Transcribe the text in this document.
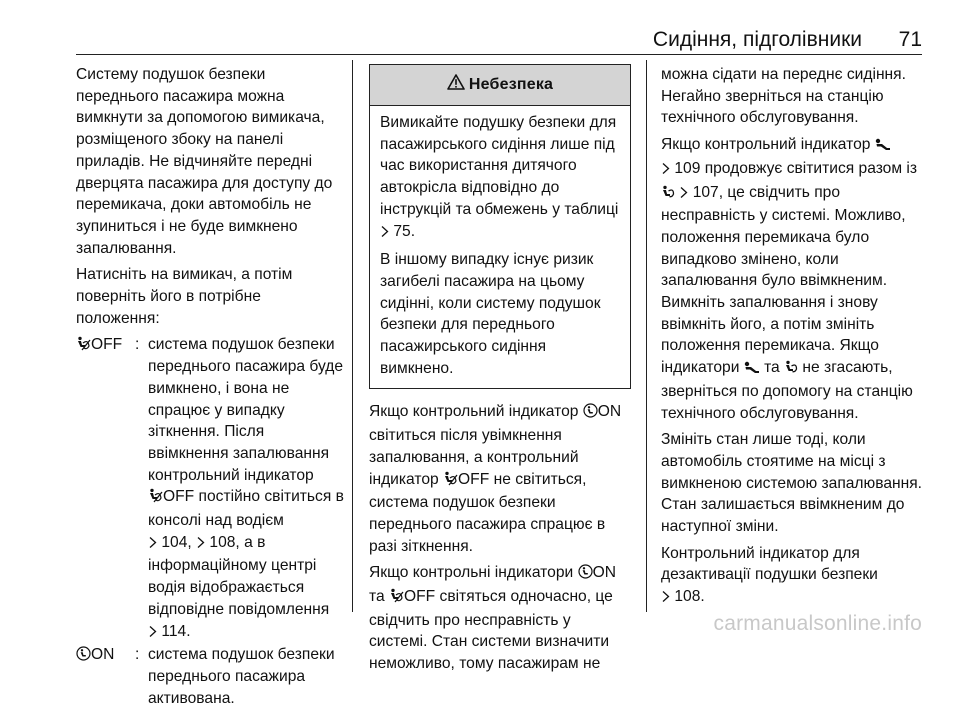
Сидіння, підголівники 71

Систему подушок безпеки переднього пасажира можна вимкнути за допомогою вимикача, розміщеного збоку на панелі приладів. Не відчиняйте передні дверцята пасажира для доступу до перемикача, доки автомобіль не зупиниться і не буде вимкнено запалювання.

Натисніть на вимикач, а потім поверніть його в потрібне положення:

OFF : система подушок безпеки переднього пасажира буде вимкнено, і вона не спрацює у випадку зіткнення. Після ввімкнення запалювання контрольний індикатор
OFF постійно світиться в консолі над водієм
104, 108, а в інформаційному центрі водія відображається відповідне повідомлення
114.
ON	: система подушок безпеки переднього пасажира активована.
Небезпека

Вимикайте подушку безпеки для пасажирського сидіння лише під час використання дитячого автокрісла відповідно до інструкцій та обмежень у таблиці  75.

В іншому випадку існує ризик загибелі пасажира на цьому сидінні, коли систему подушок безпеки для переднього пасажирського сидіння вимкнено.

Якщо контрольний індикатор ON світиться після увімкнення запалювання, а контрольний індикатор OFF не світиться, система подушок безпеки переднього пасажира спрацює в разі зіткнення.

Якщо контрольні індикатори ON та OFF світяться одночасно, це свідчить про несправність у системі. Стан системи визначити неможливо, тому пасажирам не

можна сідати на переднє сидіння. Негайно зверніться на станцію технічного обслуговування.

Якщо контрольний індикатор
109 продовжує світитися разом із   107, це свідчить про несправність у системі. Можливо, положення перемикача було випадково змінено, коли запалювання було ввімкненим. Вимкніть запалювання і знову ввімкніть його, а потім змініть положення перемикача. Якщо індикатори та не згасають, зверніться по допомогу на станцію технічного обслуговування.

Змініть стан лише тоді, коли автомобіль стоятиме на місці з вимкненою системою запалювання. Стан залишається ввімкненим до наступної зміни.

Контрольний індикатор для дезактивації подушки безпеки
108.

carmanualsonline.info
